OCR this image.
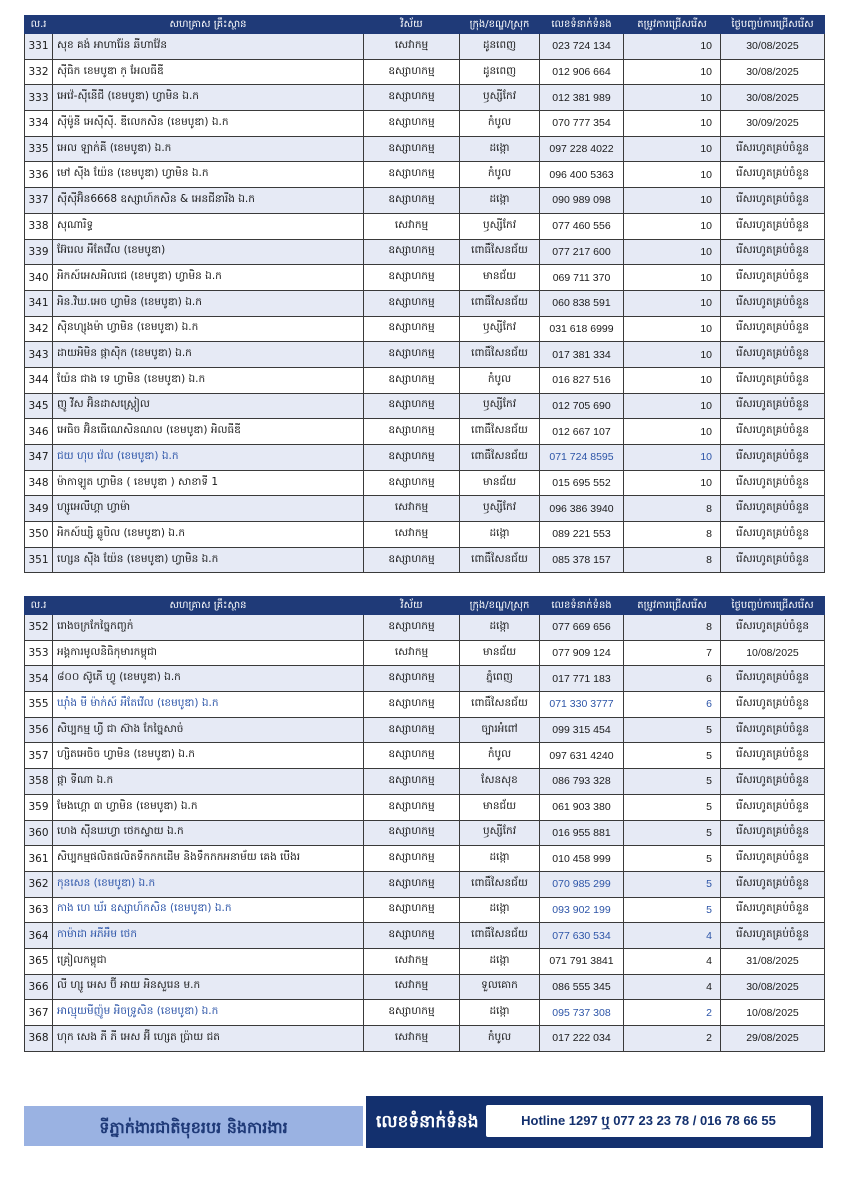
ល.រ	សហគ្រាស គ្រឹះស្ថាន	វិស័យ	ក្រុង/ខណ្ឌ/ស្រុក	លេខទំនាក់ទំនង	តម្រូវការជ្រើសរើស	ថ្ងៃបញ្ចប់ការជ្រើសរើស
331	សុខ គង់ អាហារ៉ែន ឆីហាវ៉ែន	សេវាកម្ម	ដូនពេញ	023 724 134	10	30/08/2025
332	ស៊ីធិក ខេមបូឌា ក្ អែលធីឌី	ឧស្សាហកម្ម	ដូនពេញ	012 906 664	10	30/08/2025
333	អេវ៉េ-ស៊ីនើជី (ខេមបូឌា) ហ្វាមិន ឯ.ក	ឧស្សាហកម្ម	ឫស្សីកែវ	012 381 989	10	30/08/2025
334	ស៊ីម៉ូនី អេស៊ីស៊ី. ឌីលេកសិន (ខេមបូឌា) ឯ.ក	ឧស្សាហកម្ម	កំបូល	070 777 354	10	30/09/2025
335	អេល ឡាក់គី (ខេមបូឌា) ឯ.ក	ឧស្សាហកម្ម	ដង្កោ	097 228 4022	10	រើសរហូតគ្រប់ចំនួន
336	មៅ ស៊ីង យ៉ែន (ខេមបូឌា) ហ្វាមិន ឯ.ក	ឧស្សាហកម្ម	កំបូល	096 400 5363	10	រើសរហូតគ្រប់ចំនួន
337	ស៊ីស៊ីអ៊ិន6668 ឧស្សាហ៍កសិន & អេនជីនារីង ឯ.ក	ឧស្សាហកម្ម	ដង្កោ	090 989 098	10	រើសរហូតគ្រប់ចំនួន
338	សុណារិទ្ធ	សេវាកម្ម	ឫស្សីកែវ	077 460 556	10	រើសរហូតគ្រប់ចំនួន
339	អ៊ែរេល អឹតែវើល (ខេមបូឌា)	ឧស្សាហកម្ម	ពោធិ៍សែនជ័យ	077 217 600	10	រើសរហូតគ្រប់ចំនួន
340	អិកស៍អេសអិលជេ (ខេមបូឌា) ហ្វាមិន ឯ.ក	ឧស្សាហកម្ម	មានជ័យ	069 711 370	10	រើសរហូតគ្រប់ចំនួន
341	អិន.វិឃ.អេច ហ្វាមិន (ខេមបូឌា) ឯ.ក	ឧស្សាហកម្ម	ពោធិ៍សែនជ័យ	060 838 591	10	រើសរហូតគ្រប់ចំនួន
342	ស៊ិនហ្សុងម៉ា ហ្វាមិន (ខេមបូឌា) ឯ.ក	ឧស្សាហកម្ម	ឫស្សីកែវ	031 618 6999	10	រើសរហូតគ្រប់ចំនួន
343	ដាយអិមិន ផ្កាស៊ិក (ខេមបូឌា) ឯ.ក	ឧស្សាហកម្ម	ពោធិ៍សែនជ័យ	017 381 334	10	រើសរហូតគ្រប់ចំនួន
344	យ៉ែន ជាង ទេ ហ្វាមិន (ខេមបូឌា) ឯ.ក	ឧស្សាហកម្ម	កំបូល	016 827 516	10	រើសរហូតគ្រប់ចំនួន
345	ញូ វីស អ៊ិនដាសស្ត្រៀល	ឧស្សាហកម្ម	ឫស្សីកែវ	012 705 690	10	រើសរហូតគ្រប់ចំនួន
346	អេធិច អ៊ិនធើណេសិនណល (ខេមបូឌា) អិលធីឌី	ឧស្សាហកម្ម	ពោធិ៍សែនជ័យ	012 667 107	10	រើសរហូតគ្រប់ចំនួន
347	ជយ ហុប វ៉េល (ខេមបូឌា) ឯ.ក	ឧស្សាហកម្ម	ពោធិ៍សែនជ័យ	071 724 8595	10	រើសរហូតគ្រប់ចំនួន
348	ម៉ាកាឡូត ហ្វាមិន ( ខេមបូឌា ) សាខាទី 1	ឧស្សាហកម្ម	មានជ័យ	015 695 552	10	រើសរហូតគ្រប់ចំនួន
349	ហ្សូអេលីហ្គា ហ្វាម៉ា	សេវាកម្ម	ឫស្សីកែវ	096 386 3940	8	រើសរហូតគ្រប់ចំនួន
350	អិកស៍ឃ្សិ ឆ្លូបិល (ខេមបូឌា) ឯ.ក	សេវាកម្ម	ដង្កោ	089 221 553	8	រើសរហូតគ្រប់ចំនួន
351	ហ្សេន ស៊ីង យ៉ែន (ខេមបូឌា) ហ្វាមិន ឯ.ក	ឧស្សាហកម្ម	ពោធិ៍សែនជ័យ	085 378 157	8	រើសរហូតគ្រប់ចំនួន
ល.រ	សហគ្រាស គ្រឹះស្ថាន	វិស័យ	ក្រុង/ខណ្ឌ/ស្រុក	លេខទំនាក់ទំនង	តម្រូវការជ្រើសរើស	ថ្ងៃបញ្ចប់ការជ្រើសរើស
352	រោងចក្រកែច្នៃកញ្ចក់	ឧស្សាហកម្ម	ដង្កោ	077 669 656	8	រើសរហូតគ្រប់ចំនួន
353	អង្គការមូលនិធិកុមារកម្ពុជា	សេវាកម្ម	មានជ័យ	077 909 124	7	10/08/2025
354	៨០០ ស៊ូភើ ហ្វូ (ខេមបូឌា) ឯ.ក	ឧស្សាហកម្ម	ភ្នំពេញ	017 771 183	6	រើសរហូតគ្រប់ចំនួន
355	ឃ៉ាំង មី ម៉ាក់ស៍ អឹតែវើល (ខេមបូឌា) ឯ.ក	ឧស្សាហកម្ម	ពោធិ៍សែនជ័យ	071 330 3777	6	រើសរហូតគ្រប់ចំនួន
356	សិប្បកម្ម ហ្វី ជា ស៊ាង កែច្នៃសាច់	ឧស្សាហកម្ម	ច្បារអំពៅ	099 315 454	5	រើសរហូតគ្រប់ចំនួន
357	ហ្សិតអេចិច ហ្វាមិន (ខេមបូឌា) ឯ.ក	ឧស្សាហកម្ម	កំបូល	097 631 4240	5	រើសរហូតគ្រប់ចំនួន
358	ផ្កា ទីណា ឯ.ក	ឧស្សាហកម្ម	សែនសុខ	086 793 328	5	រើសរហូតគ្រប់ចំនួន
359	មែងហ្គោ ៣ ហ្វាមិន (ខេមបូឌា) ឯ.ក	ឧស្សាហកម្ម	មានជ័យ	061 903 380	5	រើសរហូតគ្រប់ចំនួន
360	ហេង ស៊ីនឃហ្វា ថេកស្ទាយ ឯ.ក	ឧស្សាហកម្ម	ឫស្សីកែវ	016 955 881	5	រើសរហូតគ្រប់ចំនួន
361	សិប្បកម្មផលិតផលិតទឹកកកដើម និងទឹកកកអនាម័យ គេង បើងរ	ឧស្សាហកម្ម	ដង្កោ	010 458 999	5	រើសរហូតគ្រប់ចំនួន
362	កុនសេន (ខេមបូឌា) ឯ.ក	ឧស្សាហកម្ម	ពោធិ៍សែនជ័យ	070 985 299	5	រើសរហូតគ្រប់ចំនួន
363	កាង ហេ ឃ័រ ឧស្សាហ៍កសិន (ខេមបូឌា) ឯ.ក	ឧស្សាហកម្ម	ដង្កោ	093 902 199	5	រើសរហូតគ្រប់ចំនួន
364	កាម៉ាដា អភីអឹម ថេក	ឧស្សាហកម្ម	ពោធិ៍សែនជ័យ	077 630 534	4	រើសរហូតគ្រប់ចំនួន
365	គ្រៀលកម្ពុជា	សេវាកម្ម	ដង្កោ	071 791 3841	4	31/08/2025
366	លី ហ្សូ អេស ប៊ី អាយ អិនសួរេន ម.ក	សេវាកម្ម	ទួលគោក	086 555 345	4	30/08/2025
367	អាល្មុយមីញ៉ូម អិចទ្រូសិន (ខេមបូឌា) ឯ.ក	ឧស្សាហកម្ម	ដង្កោ	095 737 308	2	10/08/2025
368	ហុក សេង ភី ភី អេស អ៊ី ហ្សេត ប្រ៉ាយ ជត	សេវាកម្ម	កំបូល	017 222 034	2	29/08/2025
ទីភ្នាក់ងារជាតិមុខរបរ និងការងារ	លេខទំនាក់ទំនង	Hotline 1297 ឬ 077 23 23 78 / 016 78 66 55
